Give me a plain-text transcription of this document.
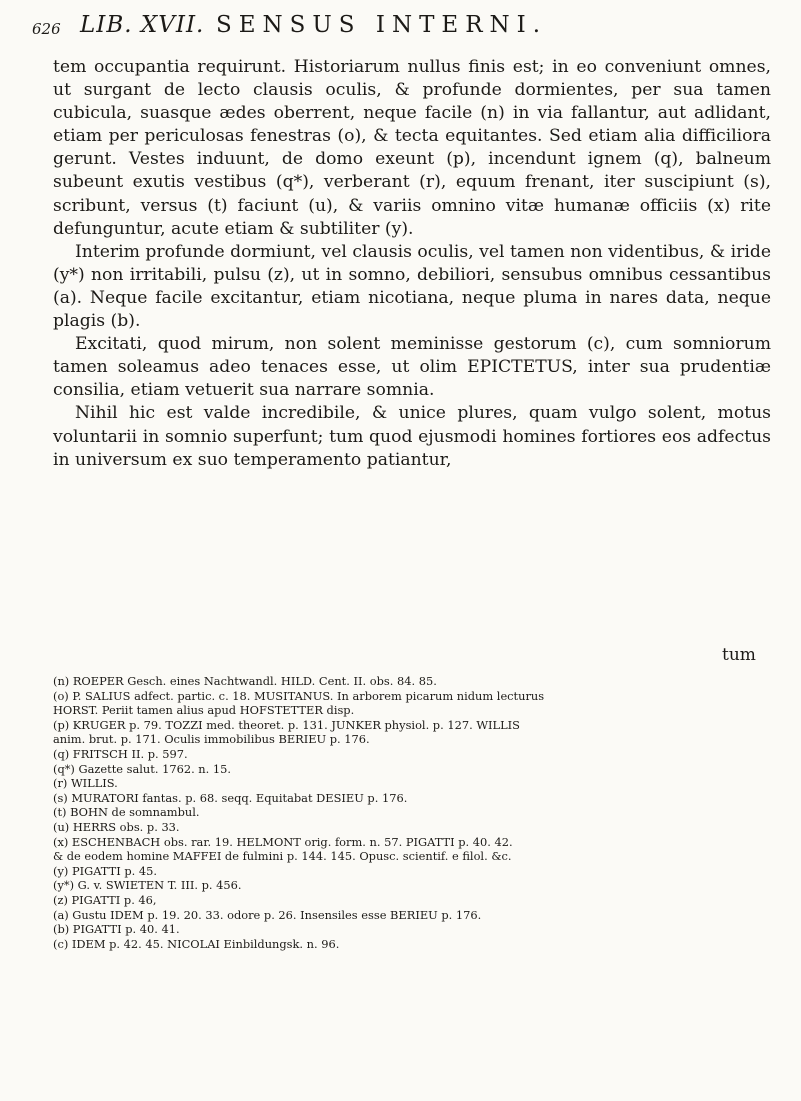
626 LIB. XVII. SENSUS INTERNI.

tem occupantia requirunt. Historiarum nullus finis est; in eo conveniunt omnes, ut surgant de lecto clausis oculis, & profunde dormientes, per sua tamen cubicula, suasque ædes oberrent, neque facile (n) in via fallantur, aut adlidant, etiam per periculosas fenestras (o), & tecta equitantes. Sed etiam alia difficiliora gerunt. Vestes induunt, de domo exeunt (p), incendunt ignem (q), balneum subeunt exutis vestibus (q*), verberant (r), equum frenant, iter suscipiunt (s), scribunt, versus (t) faciunt (u), & variis omnino vitæ humanæ officiis (x) rite defunguntur, acute etiam & subtiliter (y).

Interim profunde dormiunt, vel clausis oculis, vel tamen non videntibus, & iride (y*) non irritabili, pulsu (z), ut in somno, debiliori, sensubus omnibus cessantibus (a). Neque facile excitantur, etiam nicotiana, neque pluma in nares data, neque plagis (b).

Excitati, quod mirum, non solent meminisse gestorum (c), cum somniorum tamen soleamus adeo tenaces esse, ut olim EPICTETUS, inter sua prudentiæ consilia, etiam vetuerit sua narrare somnia.

Nihil hic est valde incredibile, & unice plures, quam vulgo solent, motus voluntarii in somnio superfunt; tum quod ejusmodi homines fortiores eos adfectus in universum ex suo temperamento patiantur,

tum
(n) ROEPER Gesch. eines Nachtwandl. HILD. Cent. II. obs. 84. 85.
(o) P. SALIUS adfect. partic. c. 18. MUSITANUS. In arborem picarum nidum lecturus
HORST. Periit tamen alius apud HOFSTETTER disp.
(p) KRUGER p. 79. TOZZI med. theoret. p. 131. JUNKER physiol. p. 127. WILLIS
anim. brut. p. 171. Oculis immobilibus BERIEU p. 176.
(q) FRITSCH II. p. 597.
(q*) Gazette salut. 1762. n. 15.
(r) WILLIS.
(s) MURATORI fantas. p. 68. seqq. Equitabat DESIEU p. 176.
(t) BOHN de somnambul.
(u) HERRS obs. p. 33.
(x) ESCHENBACH obs. rar. 19. HELMONT orig. form. n. 57. PIGATTI p. 40. 42.
& de eodem homine MAFFEI de fulmini p. 144. 145. Opusc. scientif. e filol. &c.
(y) PIGATTI p. 45.
(y*) G. v. SWIETEN T. III. p. 456.
(z) PIGATTI p. 46,
(a) Gustu IDEM p. 19. 20. 33. odore p. 26. Insensiles esse BERIEU p. 176.
(b) PIGATTI p. 40. 41.
(c) IDEM p. 42. 45. NICOLAI Einbildungsk. n. 96.
